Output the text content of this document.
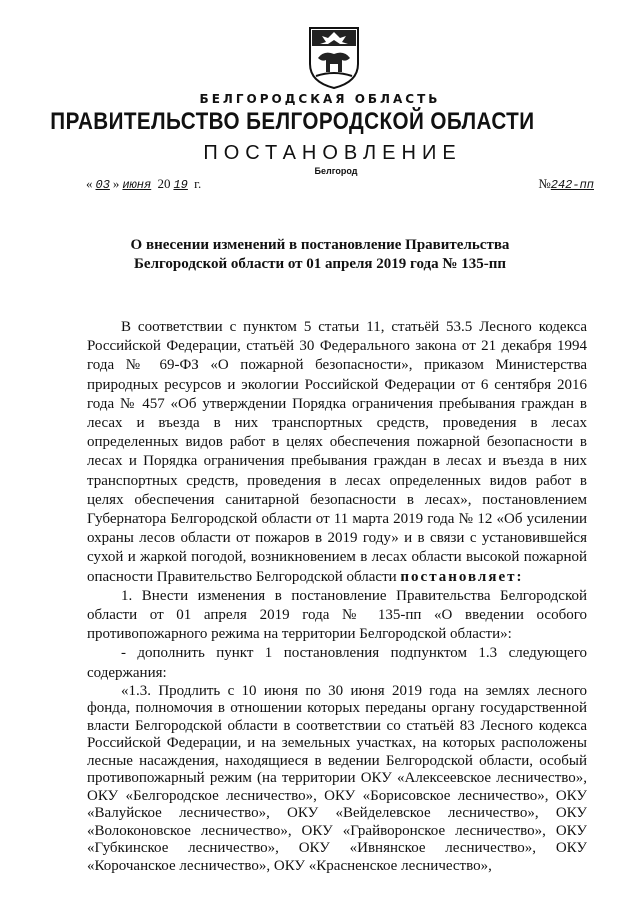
БЕЛГОРОДСКАЯ ОБЛАСТЬ
ПРАВИТЕЛЬСТВО БЕЛГОРОДСКОЙ ОБЛАСТИ
ПОСТАНОВЛЕНИЕ
Белгород
« 03 » июня 20 19 г.	№242-пп
О внесении изменений в постановление Правительства
Белгородской области от 01 апреля 2019 года № 135-пп

В соответствии с пунктом 5 статьи 11, статьёй 53.5 Лесного кодекса Российской Федерации, статьёй 30 Федерального закона от 21 декабря 1994 года № 69-ФЗ «О пожарной безопасности», приказом Министерства природных ресурсов и экологии Российской Федерации от 6 сентября 2016 года № 457 «Об утверждении Порядка ограничения пребывания граждан в лесах и въезда в них транспортных средств, проведения в лесах определенных видов работ в целях обеспечения пожарной безопасности в лесах и Порядка ограничения пребывания граждан в лесах и въезда в них транспортных средств, проведения в лесах определенных видов работ в целях обеспечения санитарной безопасности в лесах», постановлением Губернатора Белгородской области от 11 марта 2019 года № 12 «Об усилении охраны лесов области от пожаров в 2019 году» и в связи с установившейся сухой и жаркой погодой, возникновением в лесах области высокой пожарной опасности Правительство Белгородской области постановляет:

1. Внести изменения в постановление Правительства Белгородской области от 01 апреля 2019 года № 135-пп «О введении особого противопожарного режима на территории Белгородской области»:

- дополнить пункт 1 постановления подпунктом 1.3 следующего содержания:

«1.3. Продлить с 10 июня по 30 июня 2019 года на землях лесного фонда, полномочия в отношении которых переданы органу государственной власти Белгородской области в соответствии со статьёй 83 Лесного кодекса Российской Федерации, и на земельных участках, на которых расположены лесные насаждения, находящиеся в ведении Белгородской области, особый противопожарный режим (на территории ОКУ «Алексеевское лесничество», ОКУ «Белгородское лесничество», ОКУ «Борисовское лесничество», ОКУ «Валуйское лесничество», ОКУ «Вейделевское лесничество», ОКУ «Волоконовское лесничество», ОКУ «Грайворонское лесничество», ОКУ «Губкинское лесничество», ОКУ «Ивнянское лесничество», ОКУ «Корочанское лесничество», ОКУ «Красненское лесничество»,
